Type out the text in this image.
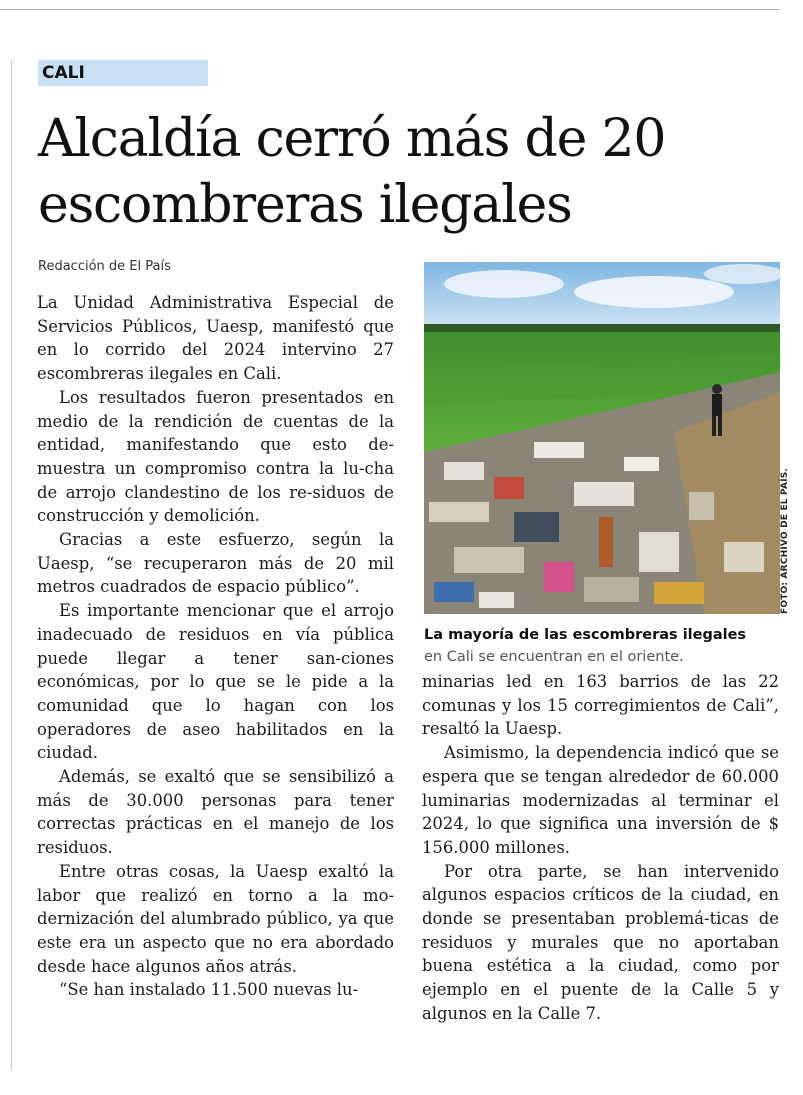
CALI
Alcaldía cerró más de 20 escombreras ilegales

Redacción de El País

La Unidad Administrativa Especial de Servicios Públicos, Uaesp, manifestó que en lo corrido del 2024 intervino 27 escombreras ilegales en Cali.

Los resultados fueron presentados en medio de la rendición de cuentas de la entidad, manifestando que esto de-muestra un compromiso contra la lu-cha de arrojo clandestino de los re-siduos de construcción y demolición.

Gracias a este esfuerzo, según la Uaesp, “se recuperaron más de 20 mil metros cuadrados de espacio público”.

Es importante mencionar que el arrojo inadecuado de residuos en vía pública puede llegar a tener san-ciones económicas, por lo que se le pide a la comunidad que lo hagan con los operadores de aseo habilitados en la ciudad.

Además, se exaltó que se sensibilizó a más de 30.000 personas para tener correctas prácticas en el manejo de los residuos.

Entre otras cosas, la Uaesp exaltó la labor que realizó en torno a la mo-dernización del alumbrado público, ya que este era un aspecto que no era abordado desde hace algunos años atrás.

“Se han instalado 11.500 nuevas lu-

FOTO: ARCHIVO DE EL PAÍS.
La mayoría de las escombreras ilegales
en Cali se encuentran en el oriente.

minarias led en 163 barrios de las 22 comunas y los 15 corregimientos de Cali”, resaltó la Uaesp.

Asimismo, la dependencia indicó que se espera que se tengan alrededor de 60.000 luminarias modernizadas al terminar el 2024, lo que significa una inversión de $ 156.000 millones.

Por otra parte, se han intervenido algunos espacios críticos de la ciudad, en donde se presentaban problemá-ticas de residuos y murales que no aportaban buena estética a la ciudad, como por ejemplo en el puente de la Calle 5 y algunos en la Calle 7.
